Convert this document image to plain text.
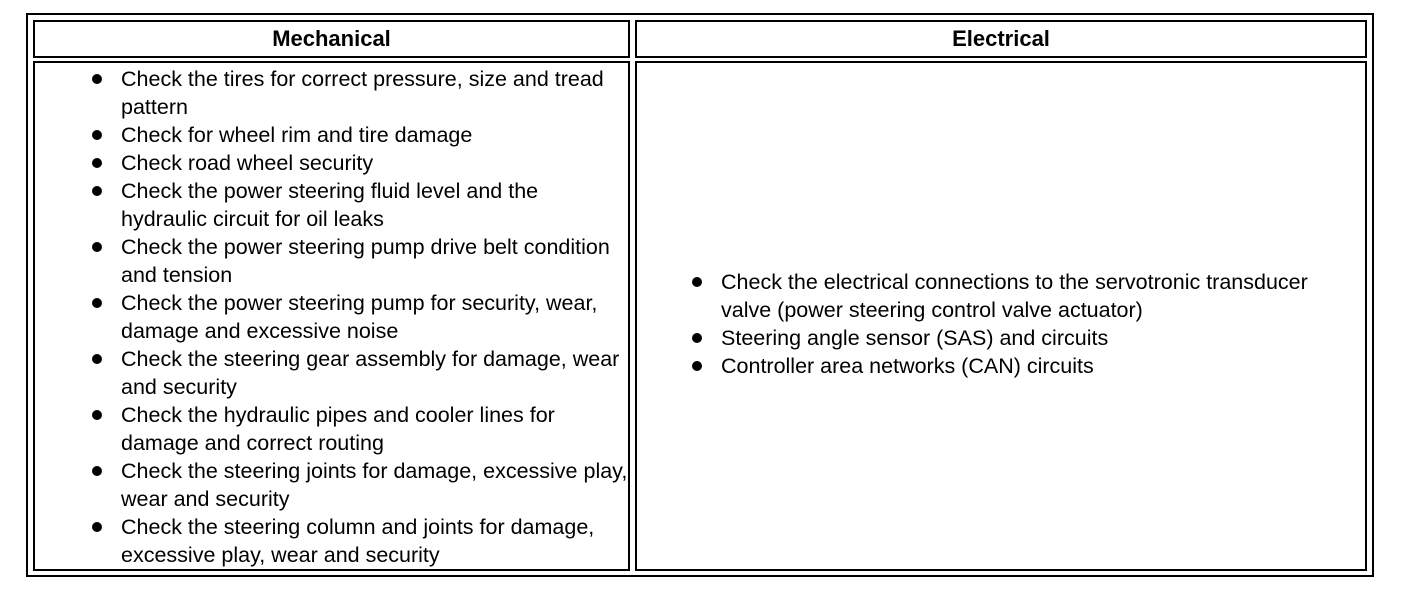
Mechanical	Electrical
Check the tires for correct pressure, size and tread pattern
Check for wheel rim and tire damage
Check road wheel security
Check the power steering fluid level and the hydraulic circuit for oil leaks
Check the power steering pump drive belt condition and tension
Check the power steering pump for security, wear, damage and excessive noise
Check the steering gear assembly for damage, wear and security
Check the hydraulic pipes and cooler lines for damage and correct routing
Check the steering joints for damage, excessive play, wear and security
Check the steering column and joints for damage, excessive play, wear and security
Check the electrical connections to the servotronic transducer valve (power steering control valve actuator)
Steering angle sensor (SAS) and circuits
Controller area networks (CAN) circuits
